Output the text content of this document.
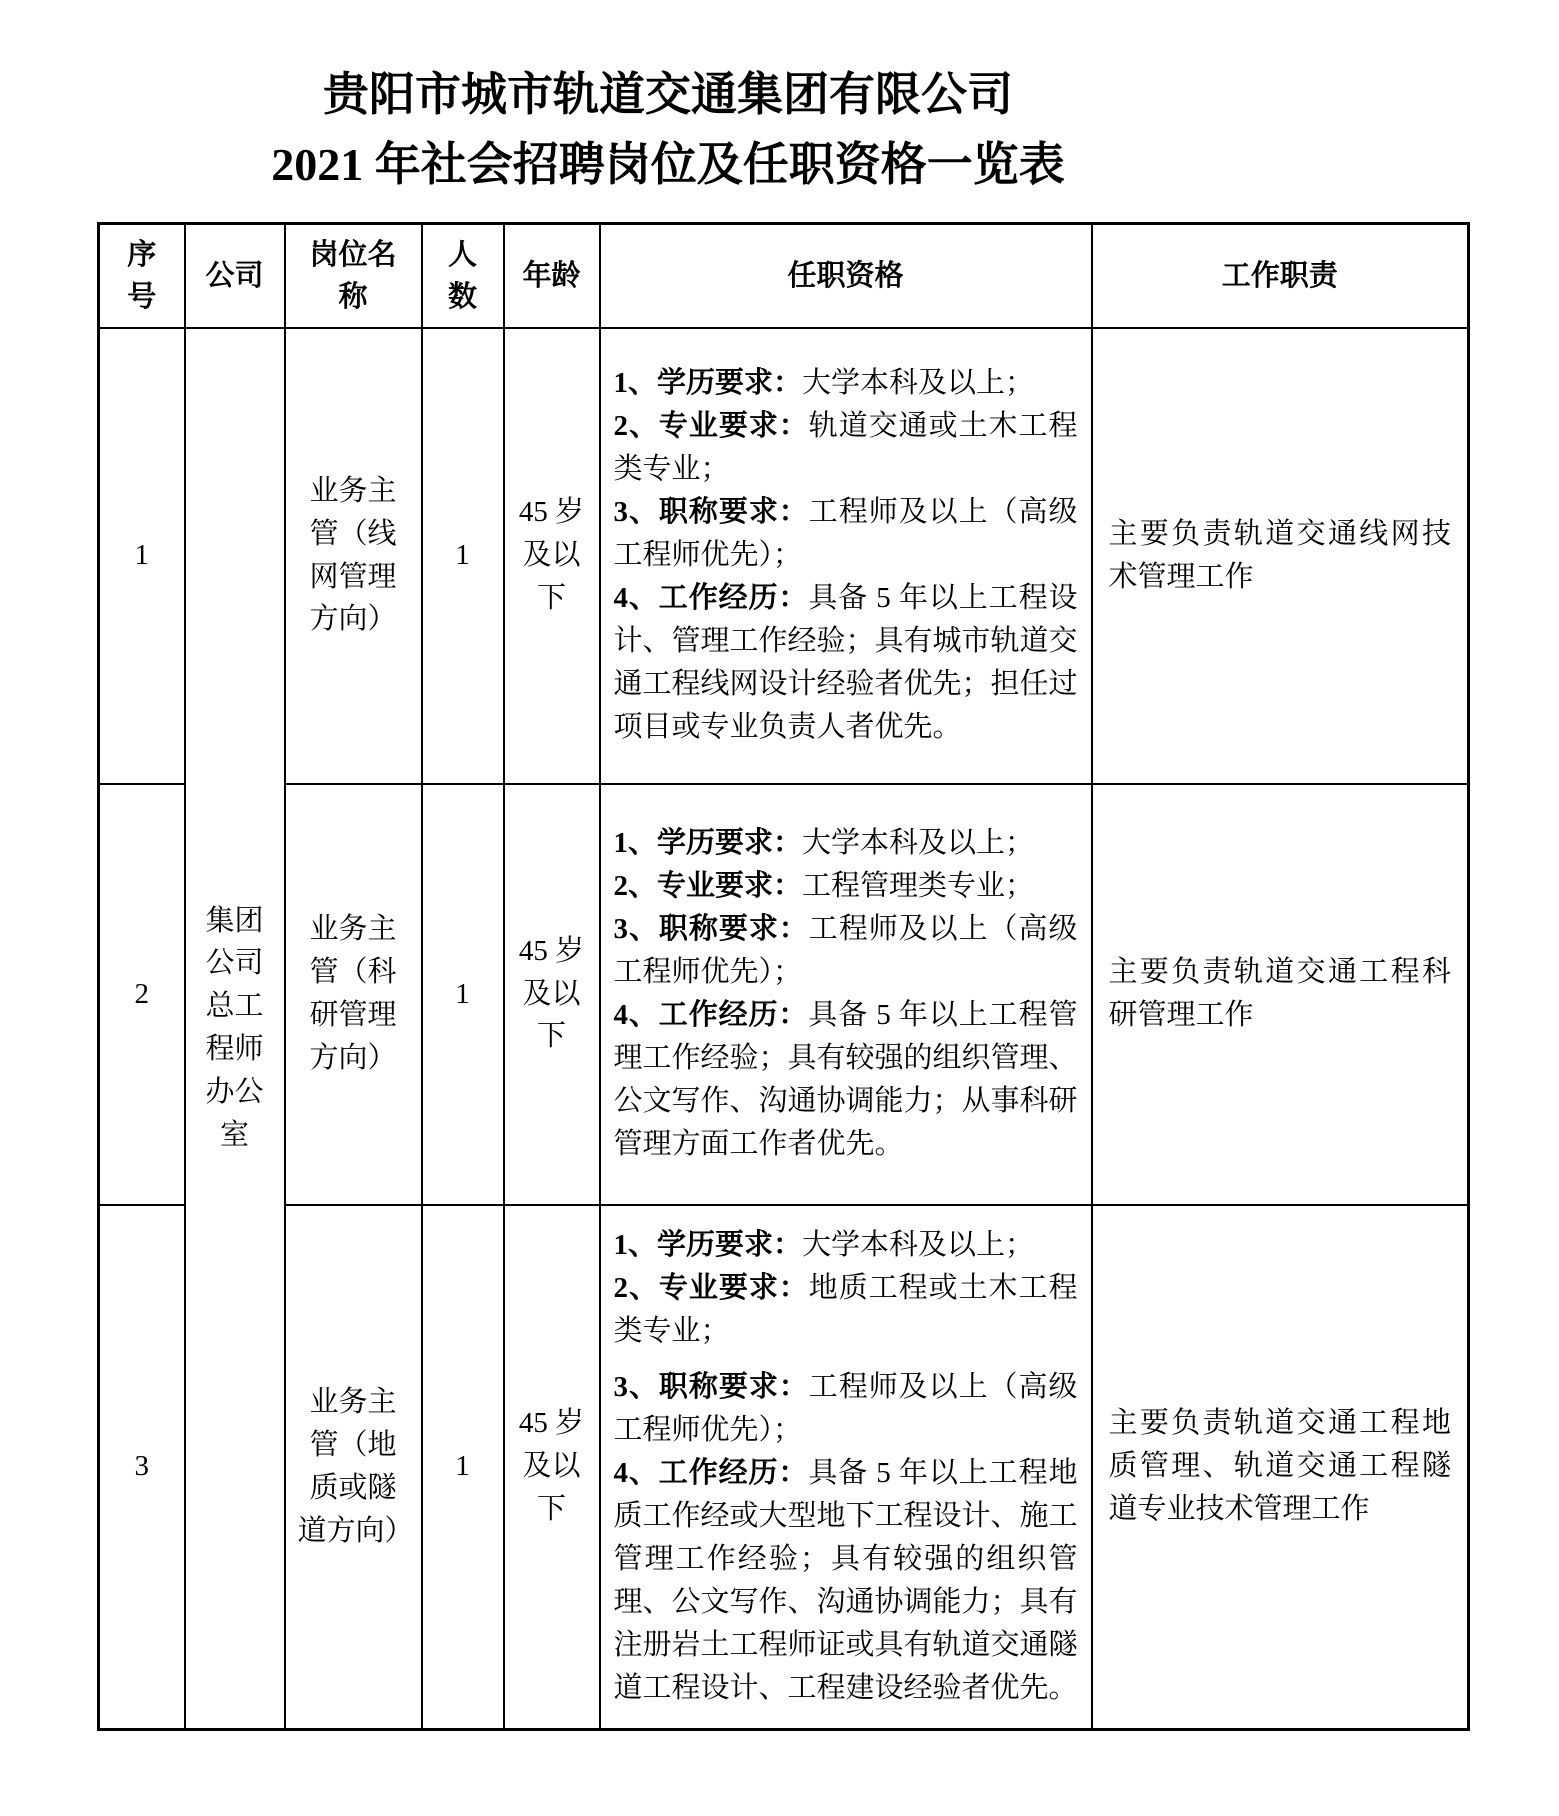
贵阳市城市轨道交通集团有限公司
2021 年社会招聘岗位及任职资格一览表
序号	公司	岗位名称	人数	年龄	任职资格	工作职责
1	集团公司总工程师办公室	业务主管（线网管理方向）	1	45 岁及以下	1、学历要求：大学本科及以上；
2、专业要求：轨道交通或土木工程类专业；
3、职称要求：工程师及以上（高级工程师优先）；
4、工作经历：具备 5 年以上工程设计、管理工作经验；具有城市轨道交通工程线网设计经验者优先；担任过项目或专业负责人者优先。	主要负责轨道交通线网技术管理工作
2		业务主管（科研管理方向）	1	45 岁及以下	1、学历要求：大学本科及以上；
2、专业要求：工程管理类专业；
3、职称要求：工程师及以上（高级工程师优先）；
4、工作经历：具备 5 年以上工程管理工作经验；具有较强的组织管理、公文写作、沟通协调能力；从事科研管理方面工作者优先。	主要负责轨道交通工程科研管理工作
3		业务主管（地质或隧道方向）	1	45 岁及以下	1、学历要求：大学本科及以上；
2、专业要求：地质工程或土木工程类专业；
3、职称要求：工程师及以上（高级工程师优先）；
4、工作经历：具备 5 年以上工程地质工作经或大型地下工程设计、施工管理工作经验；具有较强的组织管理、公文写作、沟通协调能力；具有注册岩土工程师证或具有轨道交通隧道工程设计、工程建设经验者优先。	主要负责轨道交通工程地质管理、轨道交通工程隧道专业技术管理工作
